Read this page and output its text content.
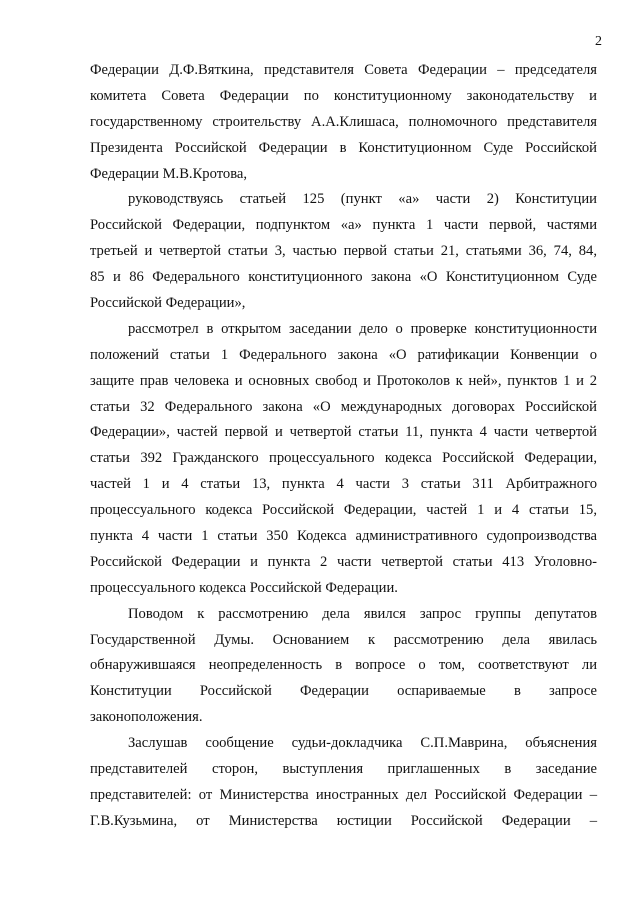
2
Федерации Д.Ф.Вяткина, представителя Совета Федерации – председателя
комитета Совета Федерации по конституционному законодательству и
государственному строительству А.А.Клишаса, полномочного представителя
Президента Российской Федерации в Конституционном Суде Российской
Федерации М.В.Кротова,
руководствуясь статьей 125 (пункт «а» части 2) Конституции
Российской Федерации, подпунктом «а» пункта 1 части первой, частями
третьей и четвертой статьи 3, частью первой статьи 21, статьями 36, 74, 84,
85 и 86 Федерального конституционного закона «О Конституционном Суде
Российской Федерации»,
рассмотрел в открытом заседании дело о проверке конституционности
положений статьи 1 Федерального закона «О ратификации Конвенции о
защите прав человека и основных свобод и Протоколов к ней», пунктов 1 и 2
статьи 32 Федерального закона «О международных договорах Российской
Федерации», частей первой и четвертой статьи 11, пункта 4 части четвертой
статьи 392 Гражданского процессуального кодекса Российской Федерации,
частей 1 и 4 статьи 13, пункта 4 части 3 статьи 311 Арбитражного
процессуального кодекса Российской Федерации, частей 1 и 4 статьи 15,
пункта 4 части 1 статьи 350 Кодекса административного судопроизводства
Российской Федерации и пункта 2 части четвертой статьи 413 Уголовно-
процессуального кодекса Российской Федерации.
Поводом к рассмотрению дела явился запрос группы депутатов
Государственной Думы. Основанием к рассмотрению дела явилась
обнаружившаяся неопределенность в вопросе о том, соответствуют ли
Конституции Российской Федерации оспариваемые в запросе
законоположения.
Заслушав сообщение судьи-докладчика С.П.Маврина, объяснения
представителей сторон, выступления приглашенных в заседание
представителей: от Министерства иностранных дел Российской Федерации –
Г.В.Кузьмина, от Министерства юстиции Российской Федерации –
